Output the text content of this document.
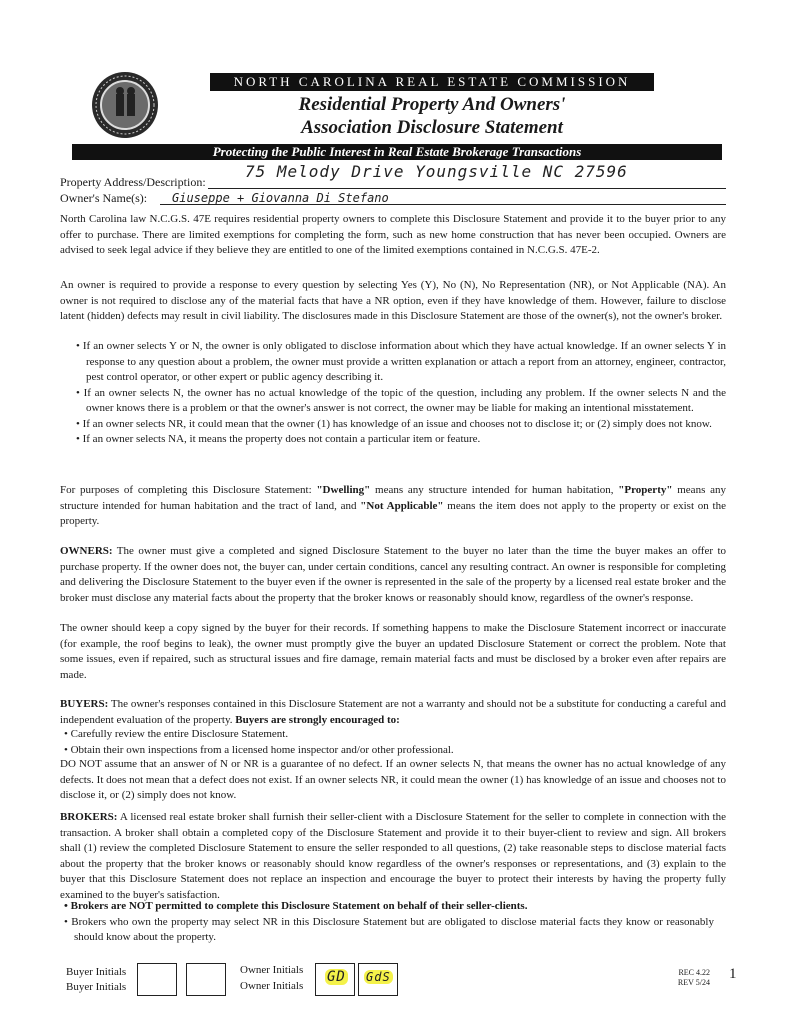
NORTH CAROLINA REAL ESTATE COMMISSION
Residential Property And Owners'
Association Disclosure Statement
Protecting the Public Interest in Real Estate Brokerage Transactions
Property Address/Description:
75 Melody Drive Youngsville NC 27596
Owner's Name(s): Giuseppe + Giovanna Di Stefano
North Carolina law N.C.G.S. 47E requires residential property owners to complete this Disclosure Statement and provide it to the buyer prior to any offer to purchase. There are limited exemptions for completing the form, such as new home construction that has never been occupied. Owners are advised to seek legal advice if they believe they are entitled to one of the limited exemptions contained in N.C.G.S. 47E-2.
An owner is required to provide a response to every question by selecting Yes (Y), No (N), No Representation (NR), or Not Applicable (NA). An owner is not required to disclose any of the material facts that have a NR option, even if they have knowledge of them. However, failure to disclose latent (hidden) defects may result in civil liability. The disclosures made in this Disclosure Statement are those of the owner(s), not the owner's broker.
• If an owner selects Y or N, the owner is only obligated to disclose information about which they have actual knowledge. If an owner selects Y in response to any question about a problem, the owner must provide a written explanation or attach a report from an attorney, engineer, contractor, pest control operator, or other expert or public agency describing it.
• If an owner selects N, the owner has no actual knowledge of the topic of the question, including any problem. If the owner selects N and the owner knows there is a problem or that the owner's answer is not correct, the owner may be liable for making an intentional misstatement.
• If an owner selects NR, it could mean that the owner (1) has knowledge of an issue and chooses not to disclose it; or (2) simply does not know.
• If an owner selects NA, it means the property does not contain a particular item or feature.
For purposes of completing this Disclosure Statement: "Dwelling" means any structure intended for human habitation, "Property" means any structure intended for human habitation and the tract of land, and "Not Applicable" means the item does not apply to the property or exist on the property.
OWNERS: The owner must give a completed and signed Disclosure Statement to the buyer no later than the time the buyer makes an offer to purchase property. If the owner does not, the buyer can, under certain conditions, cancel any resulting contract. An owner is responsible for completing and delivering the Disclosure Statement to the buyer even if the owner is represented in the sale of the property by a licensed real estate broker and the broker must disclose any material facts about the property that the broker knows or reasonably should know, regardless of the owner's response.
The owner should keep a copy signed by the buyer for their records. If something happens to make the Disclosure Statement incorrect or inaccurate (for example, the roof begins to leak), the owner must promptly give the buyer an updated Disclosure Statement or correct the problem. Note that some issues, even if repaired, such as structural issues and fire damage, remain material facts and must be disclosed by a broker even after repairs are made.
BUYERS: The owner's responses contained in this Disclosure Statement are not a warranty and should not be a substitute for conducting a careful and independent evaluation of the property. Buyers are strongly encouraged to:
• Carefully review the entire Disclosure Statement.
• Obtain their own inspections from a licensed home inspector and/or other professional.
DO NOT assume that an answer of N or NR is a guarantee of no defect. If an owner selects N, that means the owner has no actual knowledge of any defects. It does not mean that a defect does not exist. If an owner selects NR, it could mean the owner (1) has knowledge of an issue and chooses not to disclose it, or (2) simply does not know.
BROKERS: A licensed real estate broker shall furnish their seller-client with a Disclosure Statement for the seller to complete in connection with the transaction. A broker shall obtain a completed copy of the Disclosure Statement and provide it to their buyer-client to review and sign. All brokers shall (1) review the completed Disclosure Statement to ensure the seller responded to all questions, (2) take reasonable steps to disclose material facts about the property that the broker knows or reasonably should know regardless of the owner's responses or representations, and (3) explain to the buyer that this Disclosure Statement does not replace an inspection and encourage the buyer to protect their interests by having the property fully examined to the buyer's satisfaction.
• Brokers are NOT permitted to complete this Disclosure Statement on behalf of their seller-clients.
• Brokers who own the property may select NR in this Disclosure Statement but are obligated to disclose material facts they know or reasonably should know about the property.
Buyer Initials
Buyer Initials
Owner Initials
Owner Initials
GD GdS	REC 4.22
REV 5/24
1
